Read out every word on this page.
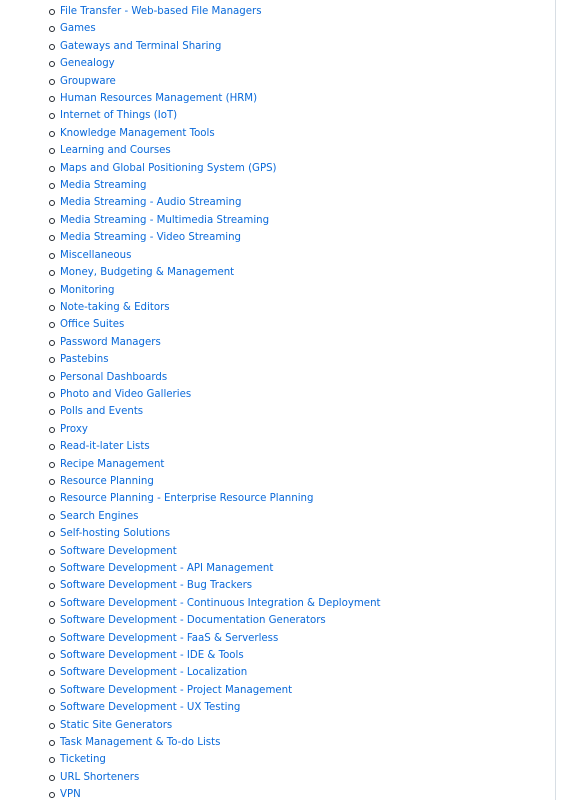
File Transfer - Web-based File Managers
Games
Gateways and Terminal Sharing
Genealogy
Groupware
Human Resources Management (HRM)
Internet of Things (IoT)
Knowledge Management Tools
Learning and Courses
Maps and Global Positioning System (GPS)
Media Streaming
Media Streaming - Audio Streaming
Media Streaming - Multimedia Streaming
Media Streaming - Video Streaming
Miscellaneous
Money, Budgeting & Management
Monitoring
Note-taking & Editors
Office Suites
Password Managers
Pastebins
Personal Dashboards
Photo and Video Galleries
Polls and Events
Proxy
Read-it-later Lists
Recipe Management
Resource Planning
Resource Planning - Enterprise Resource Planning
Search Engines
Self-hosting Solutions
Software Development
Software Development - API Management
Software Development - Bug Trackers
Software Development - Continuous Integration & Deployment
Software Development - Documentation Generators
Software Development - FaaS & Serverless
Software Development - IDE & Tools
Software Development - Localization
Software Development - Project Management
Software Development - UX Testing
Static Site Generators
Task Management & To-do Lists
Ticketing
URL Shorteners
VPN
